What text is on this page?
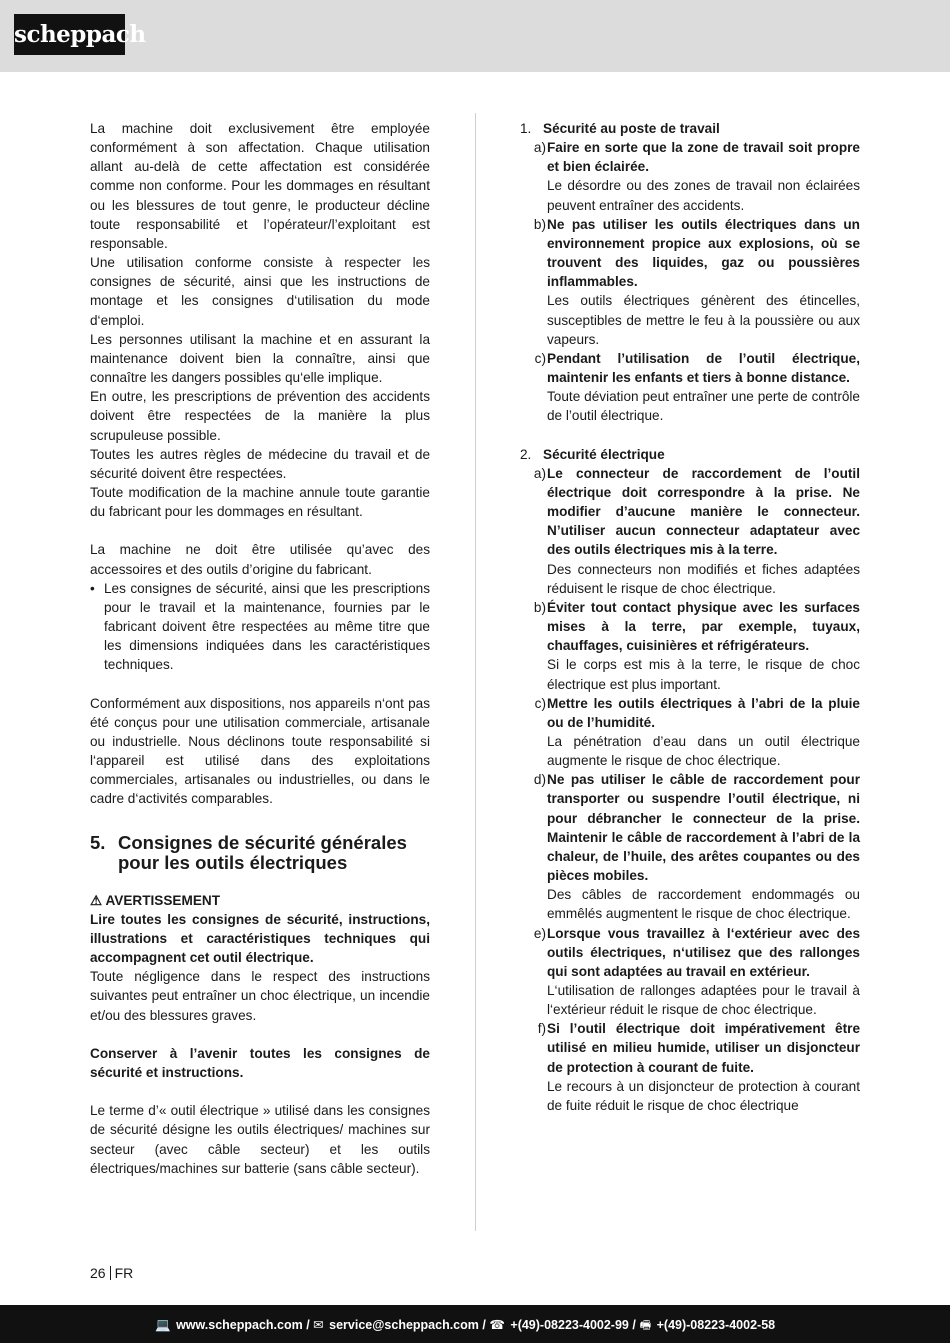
scheppach

La machine doit exclusivement être employée conformément à son affectation. Chaque utilisation allant au-delà de cette affectation est considérée comme non conforme. Pour les dommages en résultant ou les blessures de tout genre, le producteur décline toute responsabilité et l’opérateur/l’exploitant est responsable.

Une utilisation conforme consiste à respecter les consignes de sécurité, ainsi que les instructions de montage et les consignes d‘utilisation du mode d‘emploi.

Les personnes utilisant la machine et en assurant la maintenance doivent bien la connaître, ainsi que connaître les dangers possibles qu‘elle implique.

En outre, les prescriptions de prévention des accidents doivent être respectées de la manière la plus scrupuleuse possible.

Toutes les autres règles de médecine du travail et de sécurité doivent être respectées.

Toute modification de la machine annule toute garantie du fabricant pour les dommages en résultant.

La machine ne doit être utilisée qu’avec des accessoires et des outils d’origine du fabricant.

• Les consignes de sécurité, ainsi que les prescriptions pour le travail et la maintenance, fournies par le fabricant doivent être respectées au même titre que les dimensions indiquées dans les caractéristiques techniques.

Conformément aux dispositions, nos appareils n‘ont pas été conçus pour une utilisation commerciale, artisanale ou industrielle. Nous déclinons toute responsabilité si l‘appareil est utilisé dans des exploitations commerciales, artisanales ou industrielles, ou dans le cadre d‘activités comparables.

5. Consignes de sécurité générales pour les outils électriques

⚠ AVERTISSEMENT

Lire toutes les consignes de sécurité, instructions, illustrations et caractéristiques techniques qui accompagnent cet outil électrique.

Toute négligence dans le respect des instructions suivantes peut entraîner un choc électrique, un incendie et/ou des blessures graves.

Conserver à l’avenir toutes les consignes de sécurité et instructions.

Le terme d’« outil électrique » utilisé dans les consignes de sécurité désigne les outils électriques/ machines sur secteur (avec câble secteur) et les outils électriques/machines sur batterie (sans câble secteur).

1. Sécurité au poste de travail
a) Faire en sorte que la zone de travail soit propre et bien éclairée.
Le désordre ou des zones de travail non éclairées peuvent entraîner des accidents.
b) Ne pas utiliser les outils électriques dans un environnement propice aux explosions, où se trouvent des liquides, gaz ou poussières inflammables.
Les outils électriques génèrent des étincelles, susceptibles de mettre le feu à la poussière ou aux vapeurs.
c) Pendant l’utilisation de l’outil électrique, maintenir les enfants et tiers à bonne distance.
Toute déviation peut entraîner une perte de contrôle de l’outil électrique.
2. Sécurité électrique
a) Le connecteur de raccordement de l’outil électrique doit correspondre à la prise. Ne modifier d’aucune manière le connecteur. N’utiliser aucun connecteur adaptateur avec des outils électriques mis à la terre.
Des connecteurs non modifiés et fiches adaptées réduisent le risque de choc électrique.
b) Éviter tout contact physique avec les surfaces mises à la terre, par exemple, tuyaux, chauffages, cuisinières et réfrigérateurs.
Si le corps est mis à la terre, le risque de choc électrique est plus important.
c) Mettre les outils électriques à l’abri de la pluie ou de l’humidité.
La pénétration d’eau dans un outil électrique augmente le risque de choc électrique.
d) Ne pas utiliser le câble de raccordement pour transporter ou suspendre l’outil électrique, ni pour débrancher le connecteur de la prise. Maintenir le câble de raccordement à l’abri de la chaleur, de l’huile, des arêtes coupantes ou des pièces mobiles.
Des câbles de raccordement endommagés ou emmêlés augmentent le risque de choc électrique.
e) Lorsque vous travaillez à l‘extérieur avec des outils électriques, n‘utilisez que des rallonges qui sont adaptées au travail en extérieur.
L‘utilisation de rallonges adaptées pour le travail à l‘extérieur réduit le risque de choc électrique.
f) Si l’outil électrique doit impérativement être utilisé en milieu humide, utiliser un disjoncteur de protection à courant de fuite.
Le recours à un disjoncteur de protection à courant de fuite réduit le risque de choc électrique
26 FR
💻 www.scheppach.com / ✉ service@scheppach.com / ☎ +(49)-08223-4002-99 / 🖷 +(49)-08223-4002-58
